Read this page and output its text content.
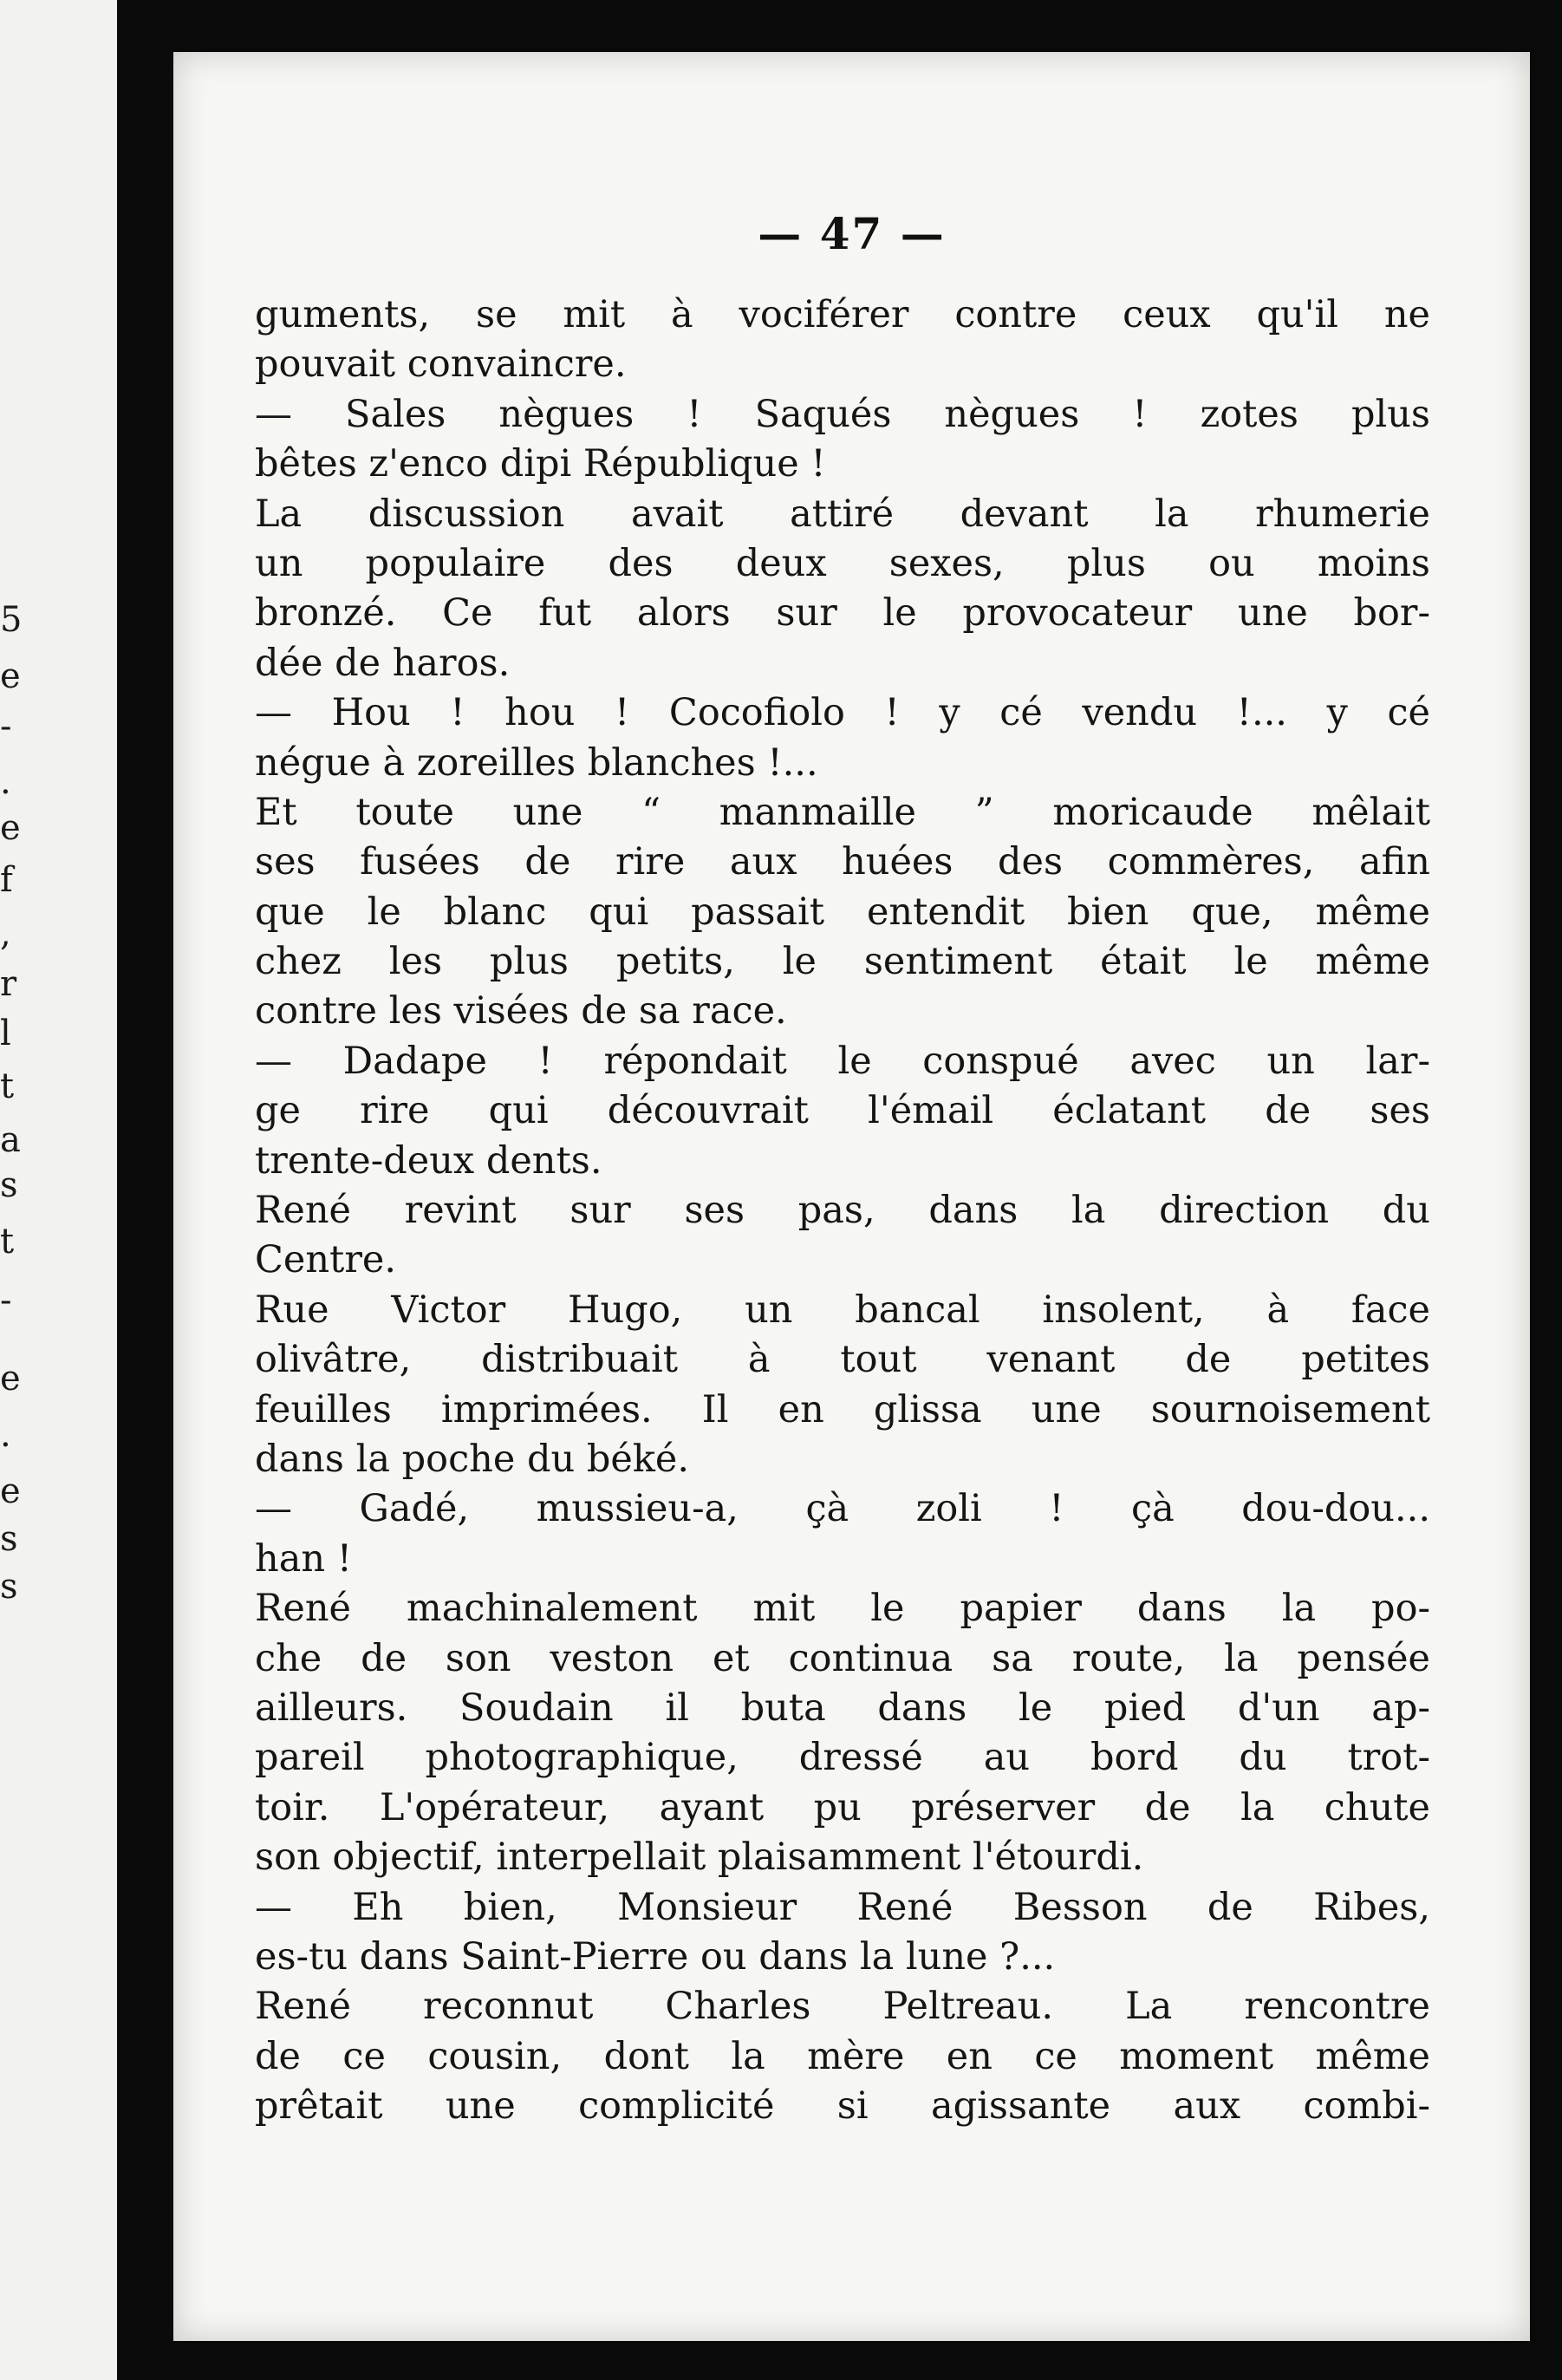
5
e
-
.
e
f
,
r
l
t
a
s
t
-
e
.
e
s
s
— 47 —
guments, se mit à vociférer contre ceux qu'il ne
pouvait convaincre.
— Sales nègues ! Saqués nègues ! zotes plus
bêtes z'enco dipi République !
La discussion avait attiré devant la rhumerie
un populaire des deux sexes, plus ou moins
bronzé. Ce fut alors sur le provocateur une bor-
dée de haros.
— Hou ! hou ! Cocofiolo ! y cé vendu !... y cé
négue à zoreilles blanches !...
Et toute une “ manmaille ” moricaude mêlait
ses fusées de rire aux huées des commères, afin
que le blanc qui passait entendit bien que, même
chez les plus petits, le sentiment était le même
contre les visées de sa race.
— Dadape ! répondait le conspué avec un lar-
ge rire qui découvrait l'émail éclatant de ses
trente-deux dents.
René revint sur ses pas, dans la direction du
Centre.
Rue Victor Hugo, un bancal insolent, à face
olivâtre, distribuait à tout venant de petites
feuilles imprimées. Il en glissa une sournoisement
dans la poche du béké.
— Gadé, mussieu-a, çà zoli ! çà dou-dou...
han !
René machinalement mit le papier dans la po-
che de son veston et continua sa route, la pensée
ailleurs. Soudain il buta dans le pied d'un ap-
pareil photographique, dressé au bord du trot-
toir. L'opérateur, ayant pu préserver de la chute
son objectif, interpellait plaisamment l'étourdi.
— Eh bien, Monsieur René Besson de Ribes,
es-tu dans Saint-Pierre ou dans la lune ?...
René reconnut Charles Peltreau. La rencontre
de ce cousin, dont la mère en ce moment même
prêtait une complicité si agissante aux combi-
